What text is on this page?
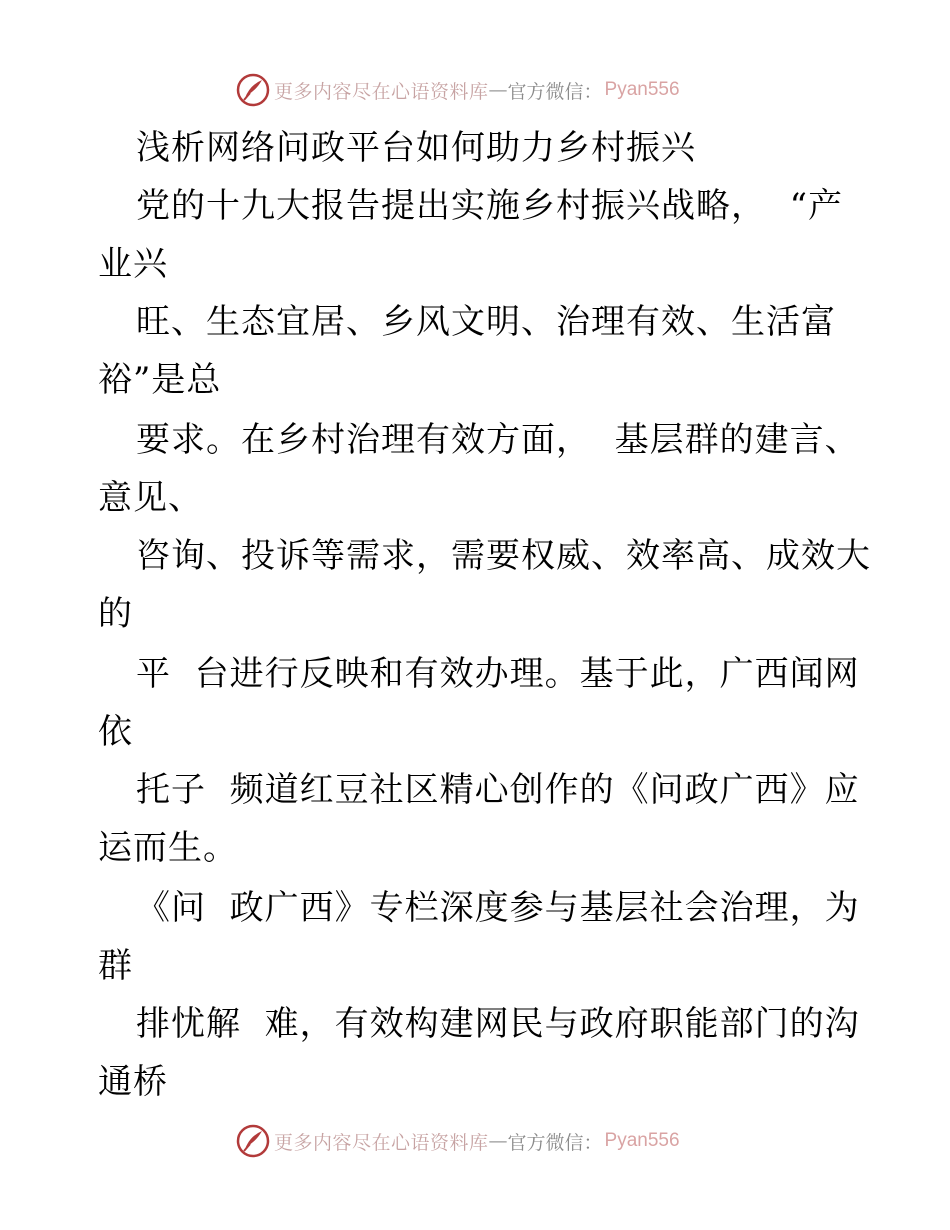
更多内容尽在心语资料库 — 官方微信： Pyan556
浅析网络问政平台如何助力乡村振兴
党的十九大报告提出实施乡村振兴战略，  “产
业兴
旺、生态宜居、乡风文明、治理有效、生活富
裕”是总
要求。在乡村治理有效方面，  基层群的建言、
意见、
咨询、投诉等需求，需要权威、效率高、成效大
的
平  台进行反映和有效办理。基于此，广西闻网
依
托子  频道红豆社区精心创作的《问政广西》应
运而生。
《问  政广西》专栏深度参与基层社会治理，为
群
排忧解  难，有效构建网民与政府职能部门的沟
通桥
更多内容尽在心语资料库 — 官方微信： Pyan556
